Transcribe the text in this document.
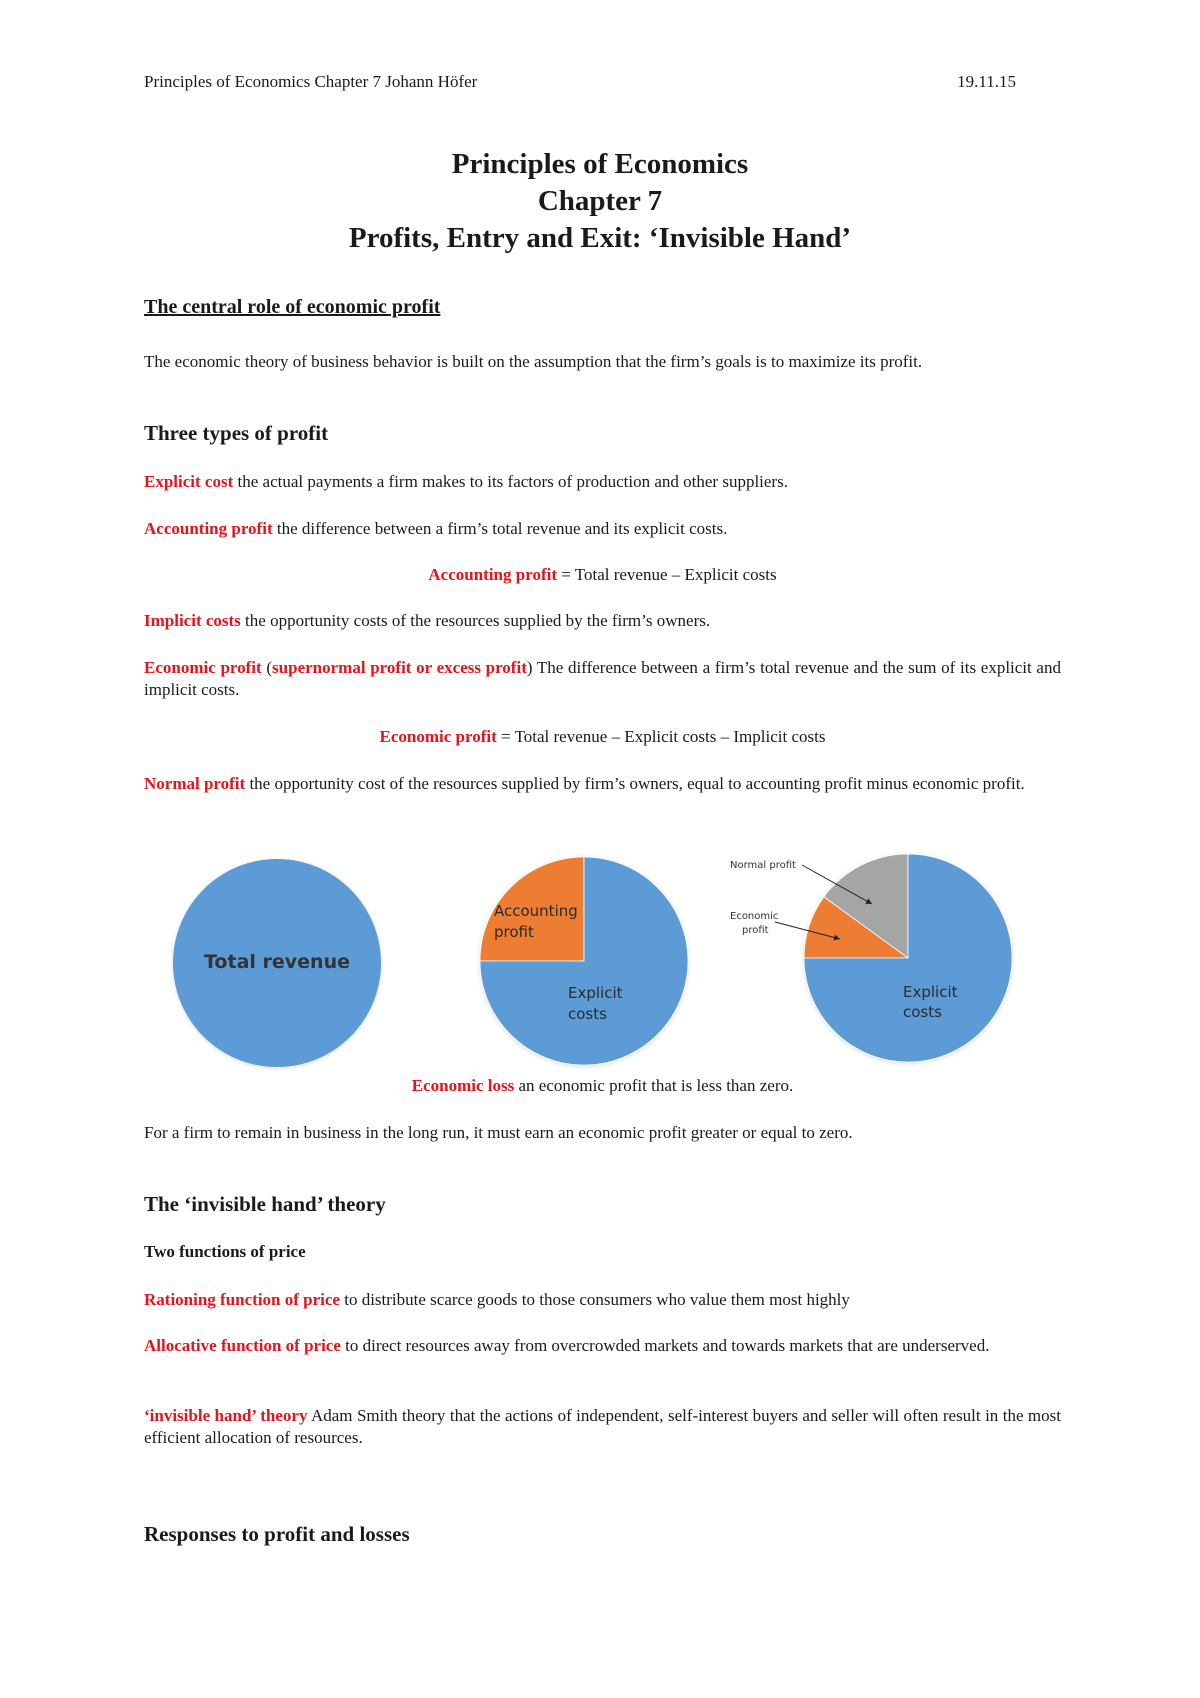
Principles of Economics Chapter 7 Johann Höfer	19.11.15
Principles of Economics
Chapter 7
Profits, Entry and Exit: ‘Invisible Hand’
The central role of economic profit

The economic theory of business behavior is built on the assumption that the firm’s goals is to maximize its profit.

Three types of profit

Explicit cost the actual payments a firm makes to its factors of production and other suppliers.

Accounting profit the difference between a firm’s total revenue and its explicit costs.

Accounting profit = Total revenue – Explicit costs

Implicit costs the opportunity costs of the resources supplied by the firm’s owners.

Economic profit (supernormal profit or excess profit) The difference between a firm’s total revenue and the sum of its explicit and implicit costs.

Economic profit = Total revenue – Explicit costs – Implicit costs

Normal profit the opportunity cost of the resources supplied by firm’s owners, equal to accounting profit minus economic profit.

Economic loss an economic profit that is less than zero.

For a firm to remain in business in the long run, it must earn an economic profit greater or equal to zero.

The ‘invisible hand’ theory
Two functions of price

Rationing function of price to distribute scarce goods to those consumers who value them most highly

Allocative function of price to direct resources away from overcrowded markets and towards markets that are underserved.

‘invisible hand’ theory Adam Smith theory that the actions of independent, self-interest buyers and seller will often result in the most efficient allocation of resources.

Responses to profit and losses
Total revenue
Accounting
profit
Explicit
costs
Normal profit
Economic
profit
Explicit
costs
